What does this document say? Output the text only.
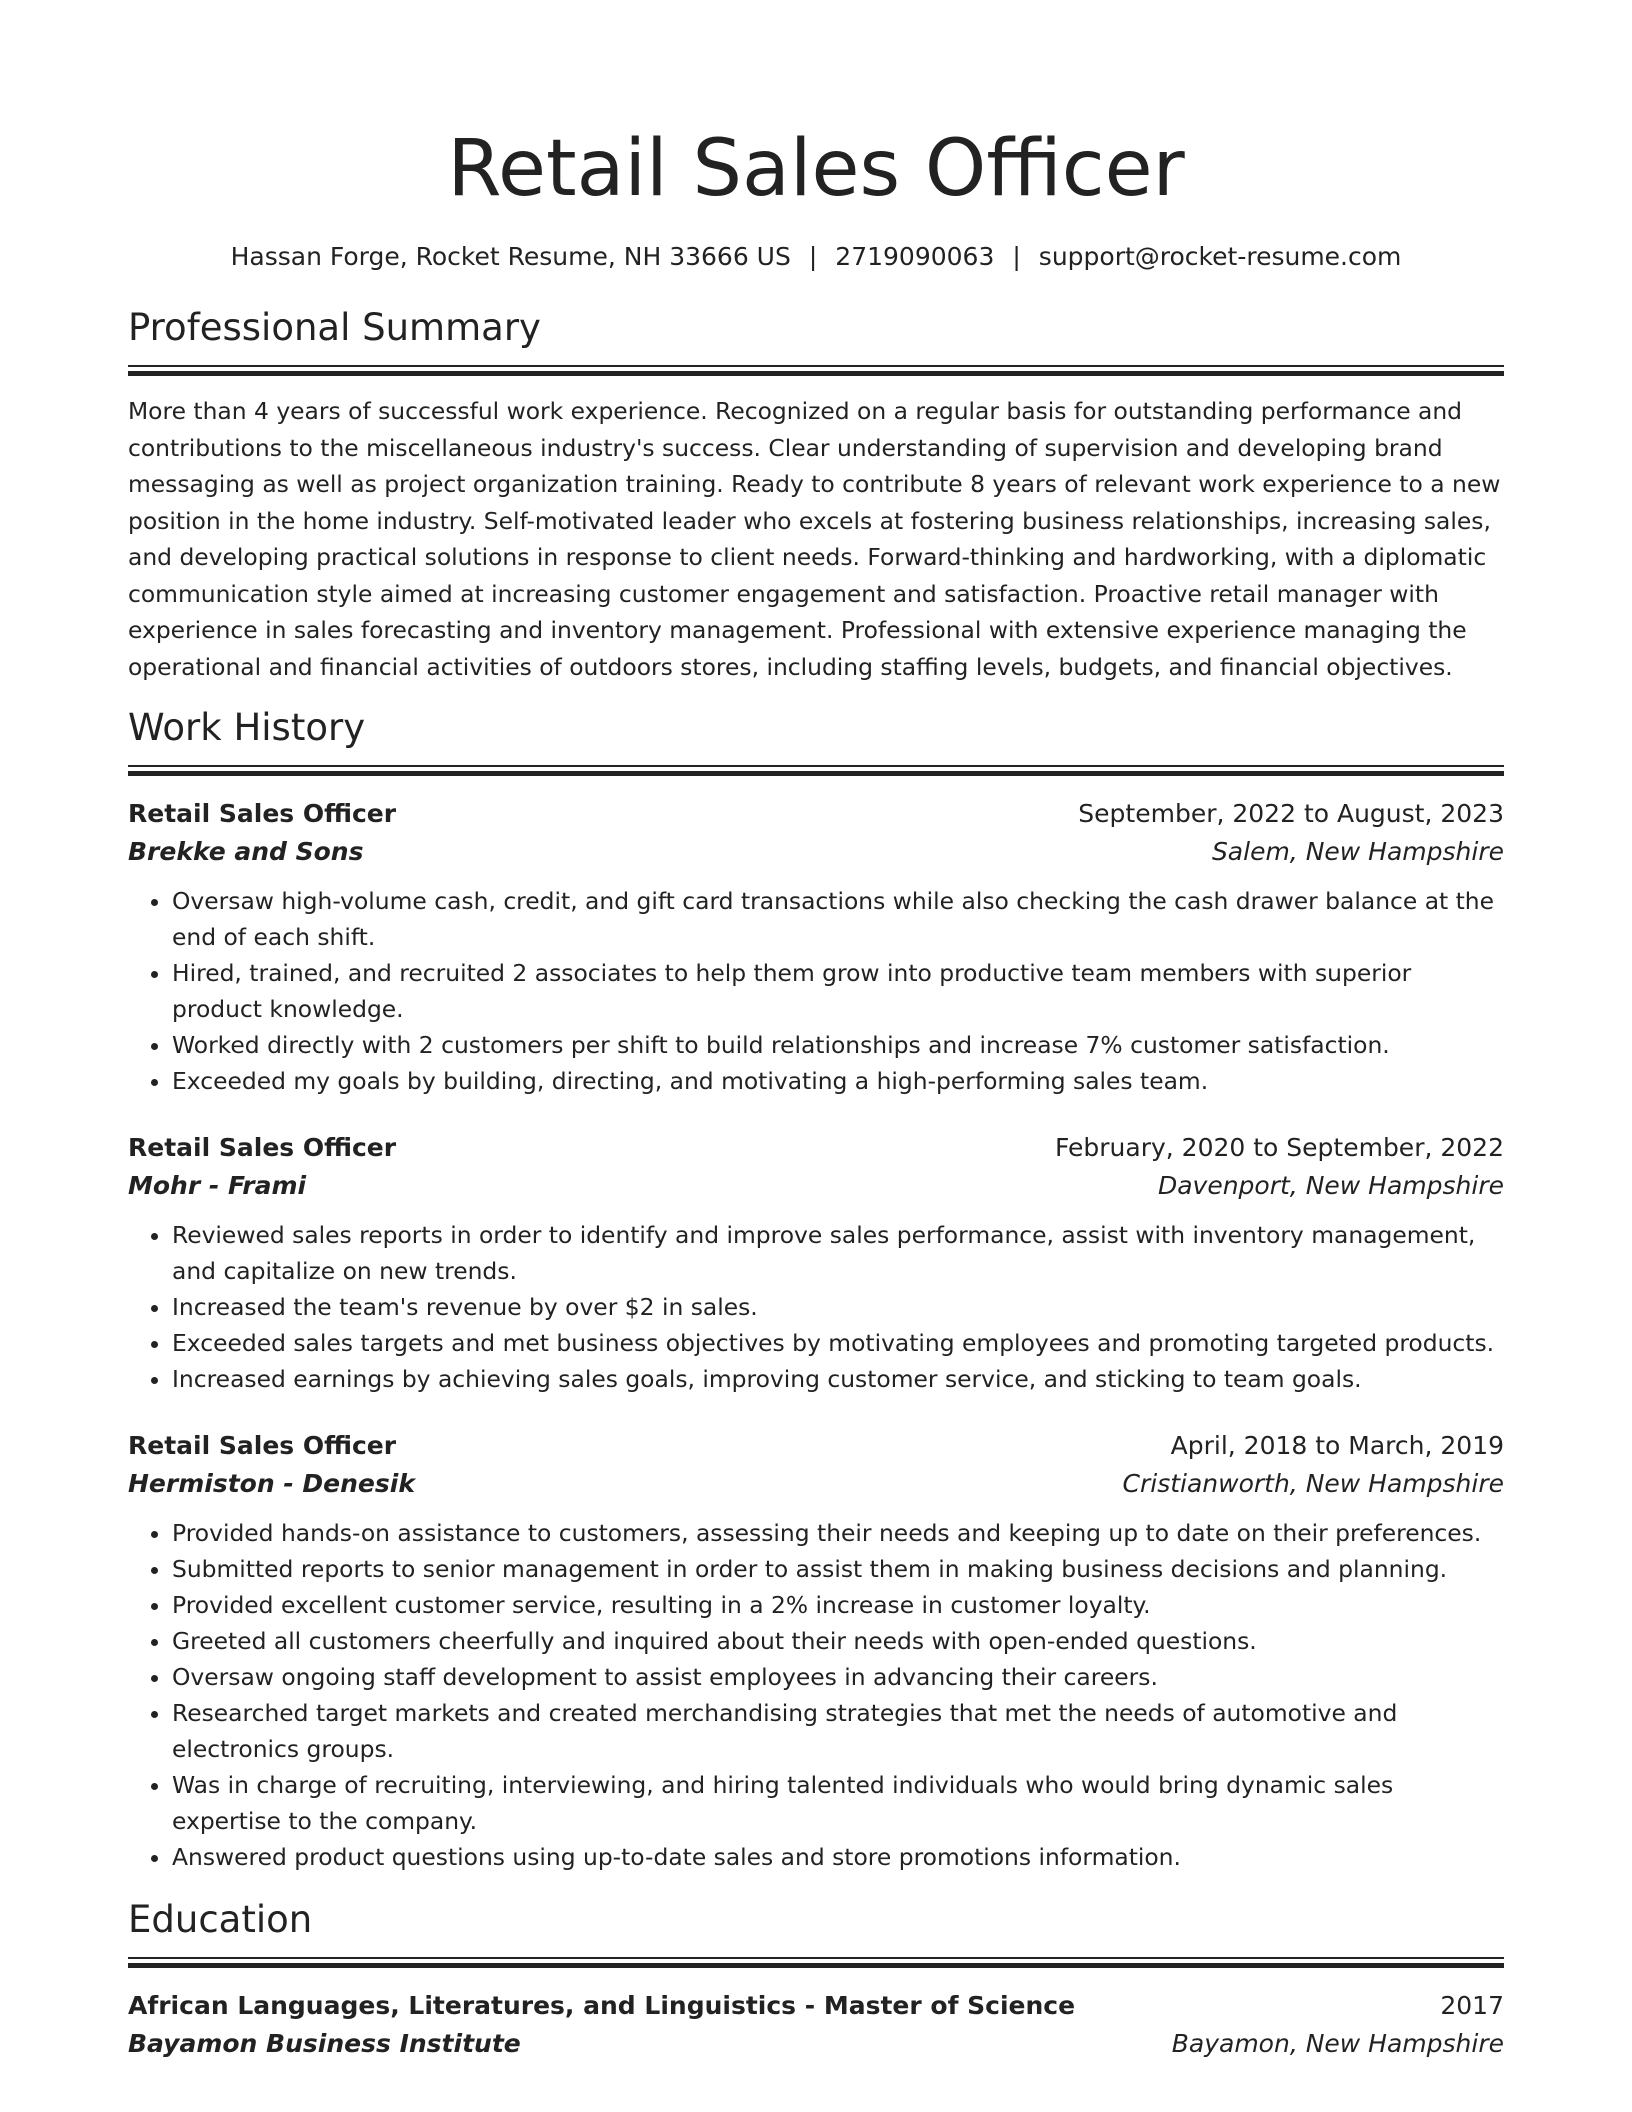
Retail Sales Officer
Hassan Forge, Rocket Resume, NH 33666 US | 2719090063 | support@rocket-resume.com
Professional Summary

More than 4 years of successful work experience. Recognized on a regular basis for outstanding performance and contributions to the miscellaneous industry's success. Clear understanding of supervision and developing brand messaging as well as project organization training. Ready to contribute 8 years of relevant work experience to a new position in the home industry. Self-motivated leader who excels at fostering business relationships, increasing sales, and developing practical solutions in response to client needs. Forward-thinking and hardworking, with a diplomatic communication style aimed at increasing customer engagement and satisfaction. Proactive retail manager with experience in sales forecasting and inventory management. Professional with extensive experience managing the operational and financial activities of outdoors stores, including staffing levels, budgets, and financial objectives.

Work History
Retail Sales Officer	September, 2022 to August, 2023
Brekke and Sons	Salem, New Hampshire
• Oversaw high-volume cash, credit, and gift card transactions while also checking the cash drawer balance at the end of each shift.
• Hired, trained, and recruited 2 associates to help them grow into productive team members with superior product knowledge.
• Worked directly with 2 customers per shift to build relationships and increase 7% customer satisfaction.
• Exceeded my goals by building, directing, and motivating a high-performing sales team.
Retail Sales Officer	February, 2020 to September, 2022
Mohr - Frami	Davenport, New Hampshire
• Reviewed sales reports in order to identify and improve sales performance, assist with inventory management, and capitalize on new trends.
• Increased the team's revenue by over $2 in sales.
• Exceeded sales targets and met business objectives by motivating employees and promoting targeted products.
• Increased earnings by achieving sales goals, improving customer service, and sticking to team goals.
Retail Sales Officer	April, 2018 to March, 2019
Hermiston - Denesik	Cristianworth, New Hampshire
• Provided hands-on assistance to customers, assessing their needs and keeping up to date on their preferences.
• Submitted reports to senior management in order to assist them in making business decisions and planning.
• Provided excellent customer service, resulting in a 2% increase in customer loyalty.
• Greeted all customers cheerfully and inquired about their needs with open-ended questions.
• Oversaw ongoing staff development to assist employees in advancing their careers.
• Researched target markets and created merchandising strategies that met the needs of automotive and electronics groups.
• Was in charge of recruiting, interviewing, and hiring talented individuals who would bring dynamic sales expertise to the company.
• Answered product questions using up-to-date sales and store promotions information.
Education
African Languages, Literatures, and Linguistics - Master of Science	2017
Bayamon Business Institute	Bayamon, New Hampshire
